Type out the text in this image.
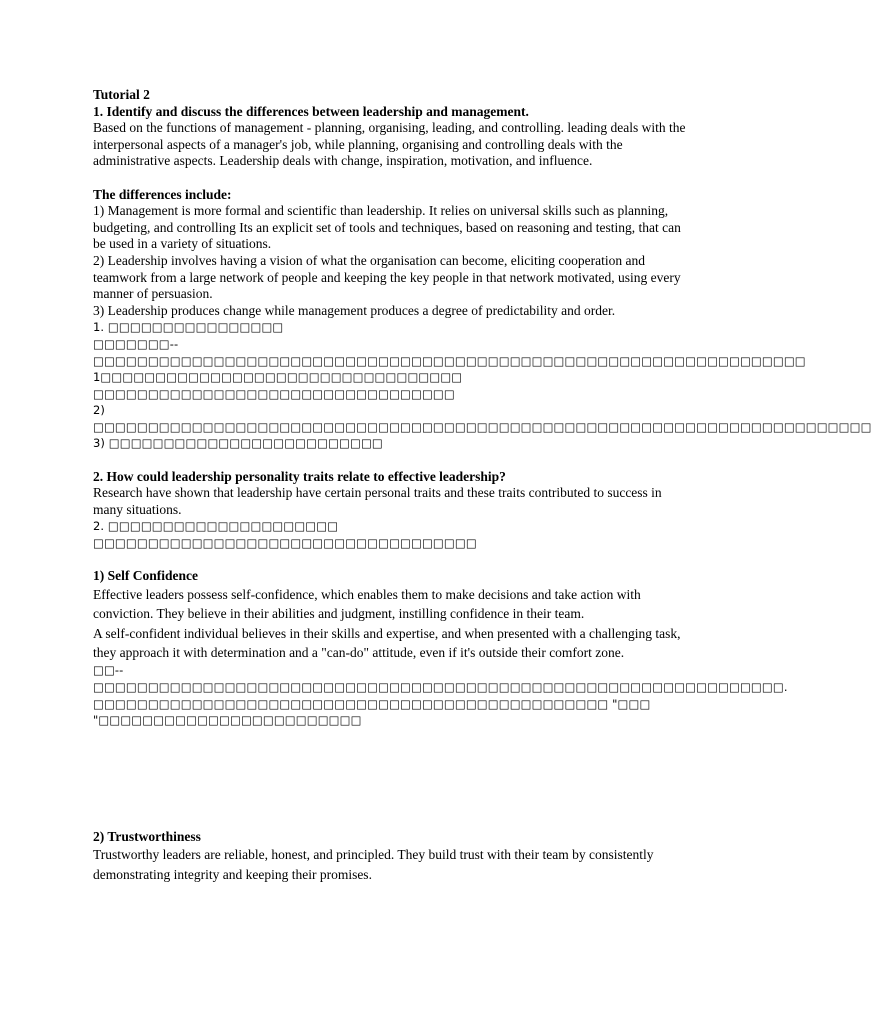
Tutorial 2

1. Identify and discuss the differences between leadership and management.

Based on the functions of management - planning, organising, leading, and controlling. leading deals with the interpersonal aspects of a manager's job, while planning, organising and controlling deals with the administrative aspects. Leadership deals with change, inspiration, motivation, and influence.

The differences include:

1) Management is more formal and scientific than leadership. It relies on universal skills such as planning, budgeting, and controlling Its an explicit set of tools and techniques, based on reasoning and testing, that can be used in a variety of situations.

2) Leadership involves having a vision of what the organisation can become, eliciting cooperation and teamwork from a large network of people and keeping the key people in that network motivated, using every manner of persuasion.

3) Leadership produces change while management produces a degree of predictability and order.

1. □□□□□□□□□□□□□□□□

□□□□□□□--□□□□□□□□□□□□□□□□□□□□□□□□□□□□□□□□□□□□□□□□□□□□□□□□□□□□□□□□□□□□□□□□□

1□□□□□□□□□□□□□□□□□□□□□□□□□□□□□□□□□ □□□□□□□□□□□□□□□□□□□□□□□□□□□□□□□□□

2) □□□□□□□□□□□□□□□□□□□□□□□□□□□□□□□□□□□□□□□□□□□□□□□□□□□□□□□□□□□□□□□□□□□□□□□

3) □□□□□□□□□□□□□□□□□□□□□□□□□

2. How could leadership personality traits relate to effective leadership?

Research have shown that leadership have certain personal traits and these traits contributed to success in many situations.

2. □□□□□□□□□□□□□□□□□□□□□

□□□□□□□□□□□□□□□□□□□□□□□□□□□□□□□□□□□

1) Self Confidence

Effective leaders possess self-confidence, which enables them to make decisions and take action with conviction. They believe in their abilities and judgment, instilling confidence in their team.

A self-confident individual believes in their skills and expertise, and when presented with a challenging task, they approach it with determination and a "can-do" attitude, even if it's outside their comfort zone.

□□--□□□□□□□□□□□□□□□□□□□□□□□□□□□□□□□□□□□□□□□□□□□□□□□□□□□□□□□□□□□□□□□.

□□□□□□□□□□□□□□□□□□□□□□□□□□□□□□□□□□□□□□□□□□□□□□□ "□□□ "□□□□□□□□□□□□□□□□□□□□□□□□

2) Trustworthiness

Trustworthy leaders are reliable, honest, and principled. They build trust with their team by consistently demonstrating integrity and keeping their promises.
